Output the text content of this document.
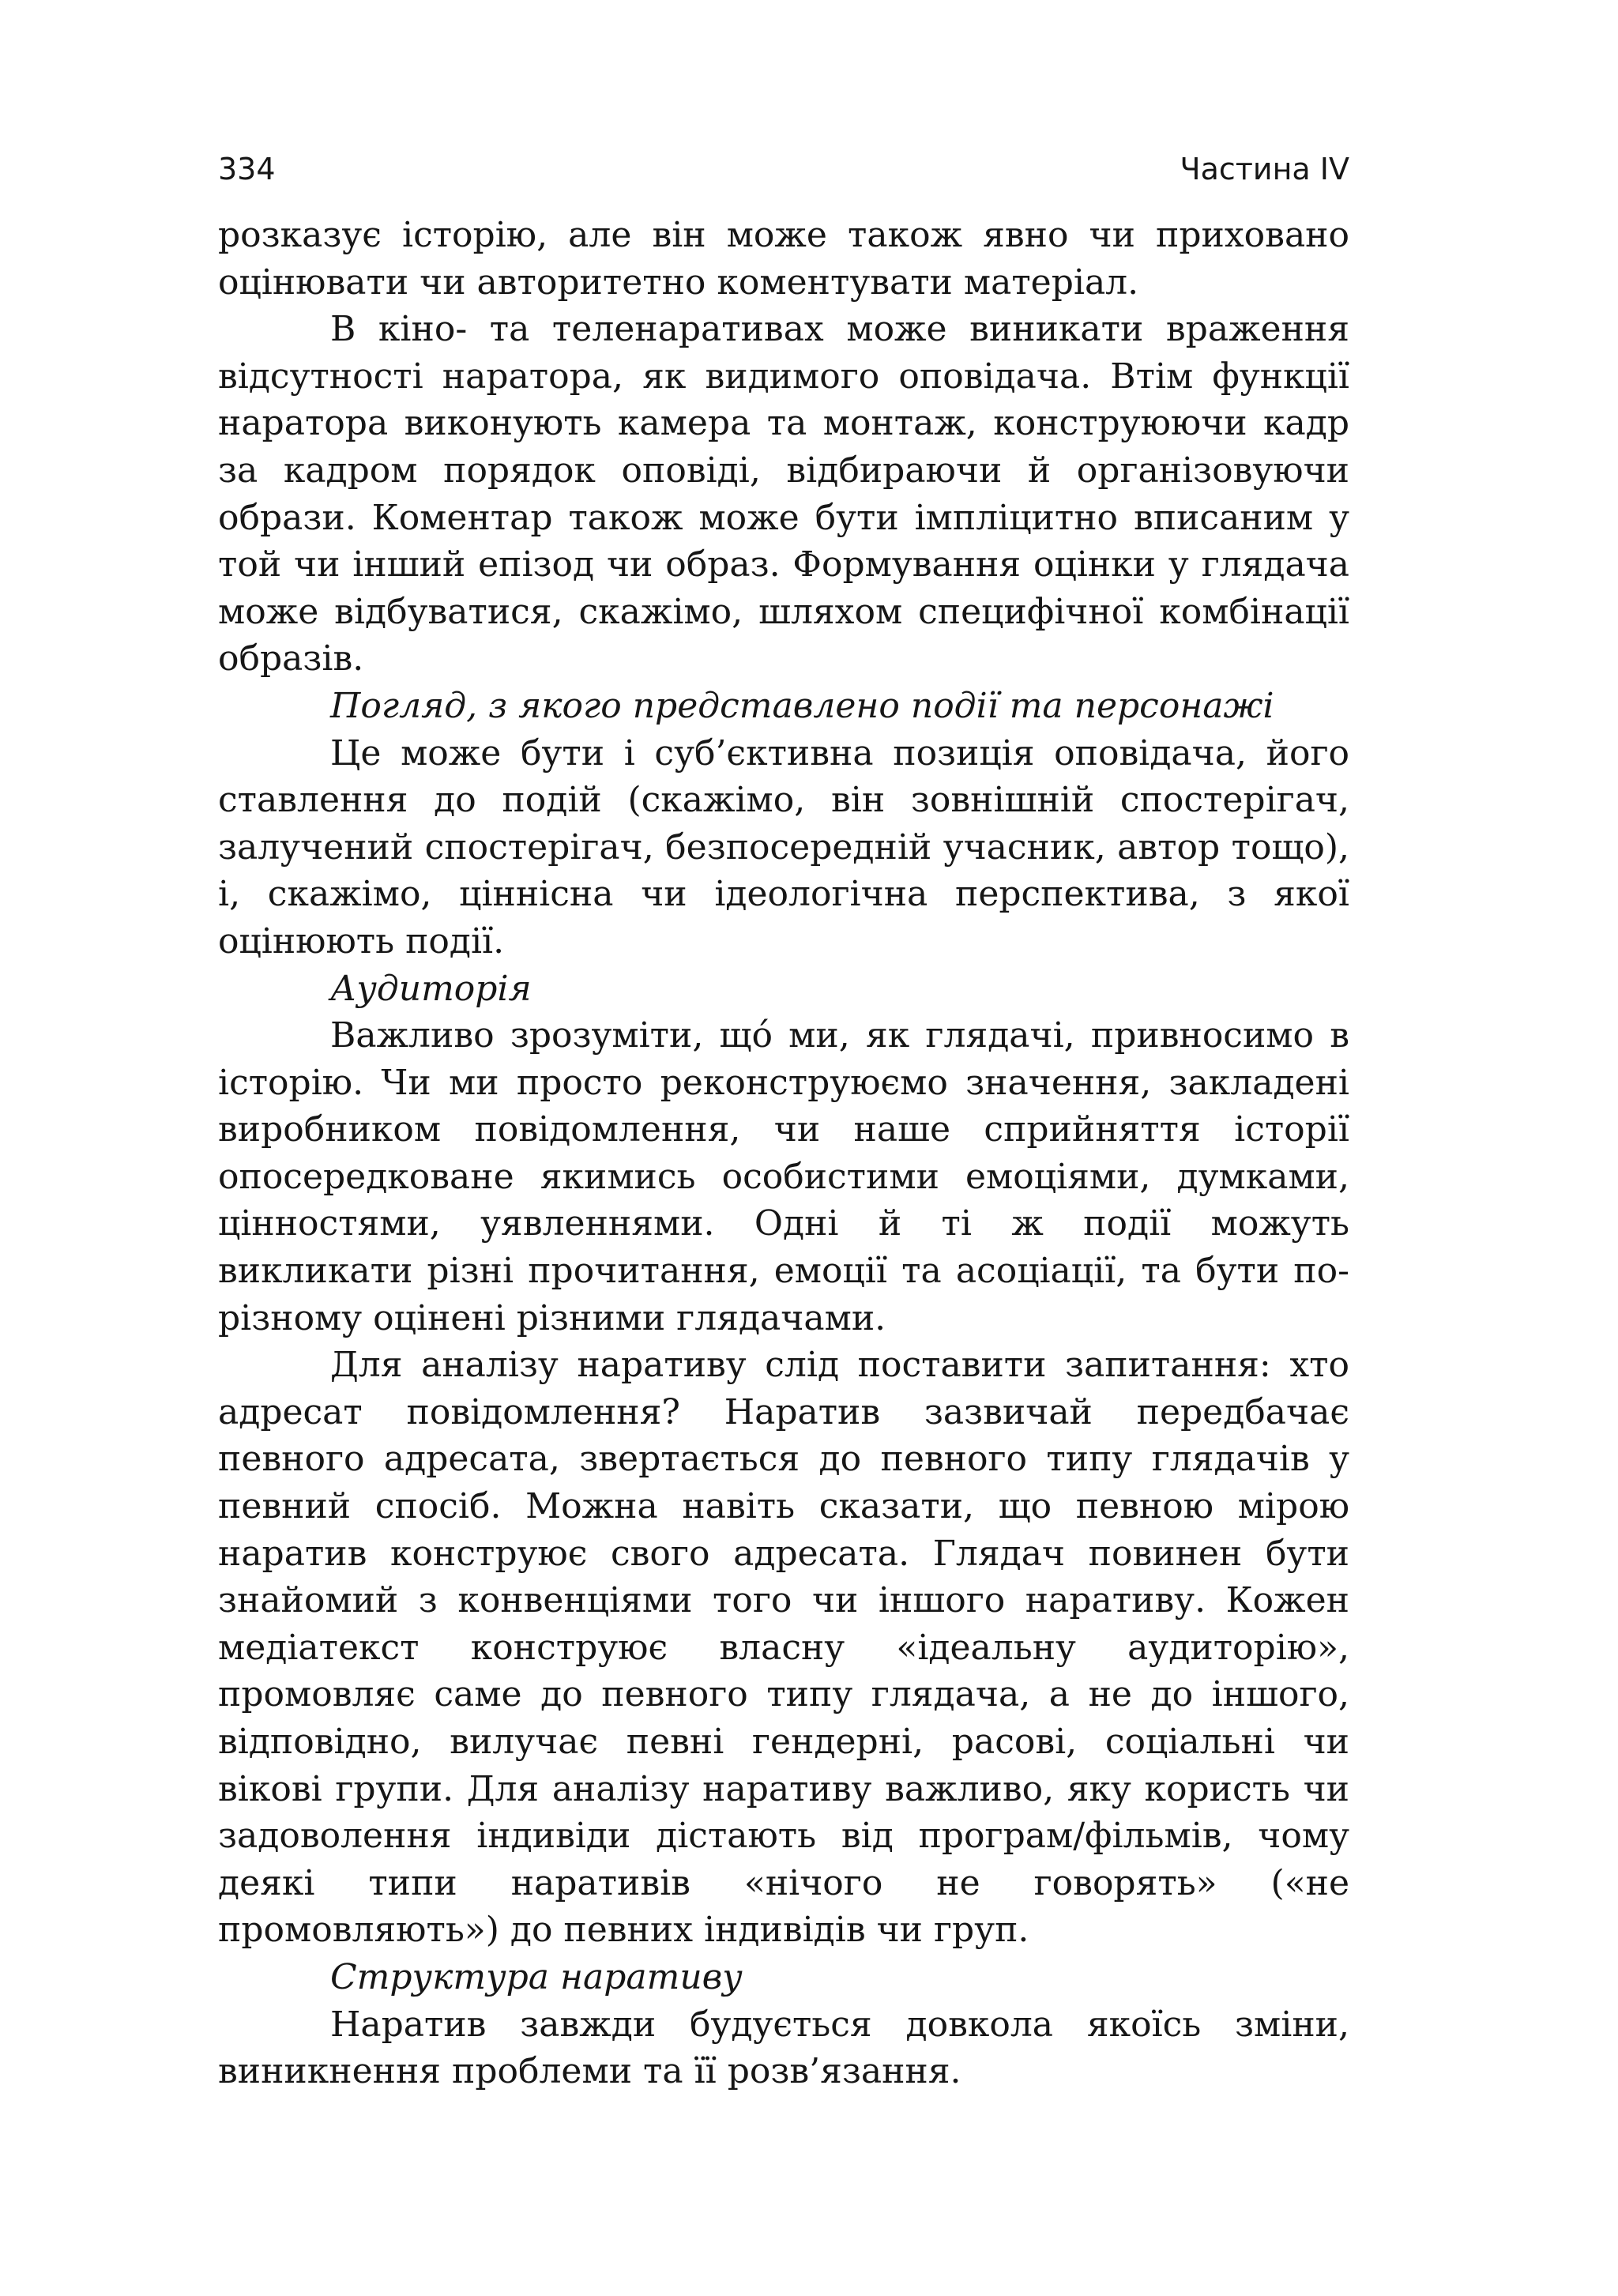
334	Частина IV

розказує історію, але він може також явно чи приховано оцінювати чи авторитетно коментувати матеріал.

В кіно- та теленаративах може виникати враження відсутності наратора, як видимого оповідача. Втім функції наратора виконують камера та монтаж, конструюючи кадр за кадром порядок оповіді, відбираючи й організовуючи образи. Коментар також може бути імпліцитно вписаним у той чи інший епізод чи образ. Формування оцінки у глядача може відбуватися, скажімо, шляхом специфічної комбінації образів.

Погляд, з якого представлено події та персонажі

Це може бути і суб’єктивна позиція оповідача, його ставлення до подій (скажімо, він зовнішній спостерігач, залучений спостерігач, безпосередній учасник, автор тощо), і, скажімо, ціннісна чи ідеологічна перспектива, з якої оцінюють події.

Аудиторія

Важливо зрозуміти, щó ми, як глядачі, привносимо в історію. Чи ми просто реконструюємо значення, закладені виробником повідомлення, чи наше сприйняття історії опосередковане якимись особистими емоціями, думками, цінностями, уявленнями. Одні й ті ж події можуть викликати різні прочитання, емоції та асоціації, та бути по-різному оцінені різними глядачами.

Для аналізу наративу слід поставити запитання: хто адресат повідомлення? Наратив зазвичай передбачає певного адресата, звертається до певного типу глядачів у певний спосіб. Можна навіть сказати, що певною мірою наратив конструює свого адресата. Глядач повинен бути знайомий з конвенціями того чи іншого наративу. Кожен медіатекст конструює власну «ідеальну аудиторію», промовляє саме до певного типу глядача, а не до іншого, відповідно, вилучає певні гендерні, расові, соціальні чи вікові групи. Для аналізу наративу важливо, яку користь чи задоволення індивіди дістають від програм/фільмів, чому деякі типи наративів «нічого не говорять» («не промовляють») до певних індивідів чи груп.

Структура наративу

Наратив завжди будується довкола якоїсь зміни, виникнення проблеми та її розв’язання.
